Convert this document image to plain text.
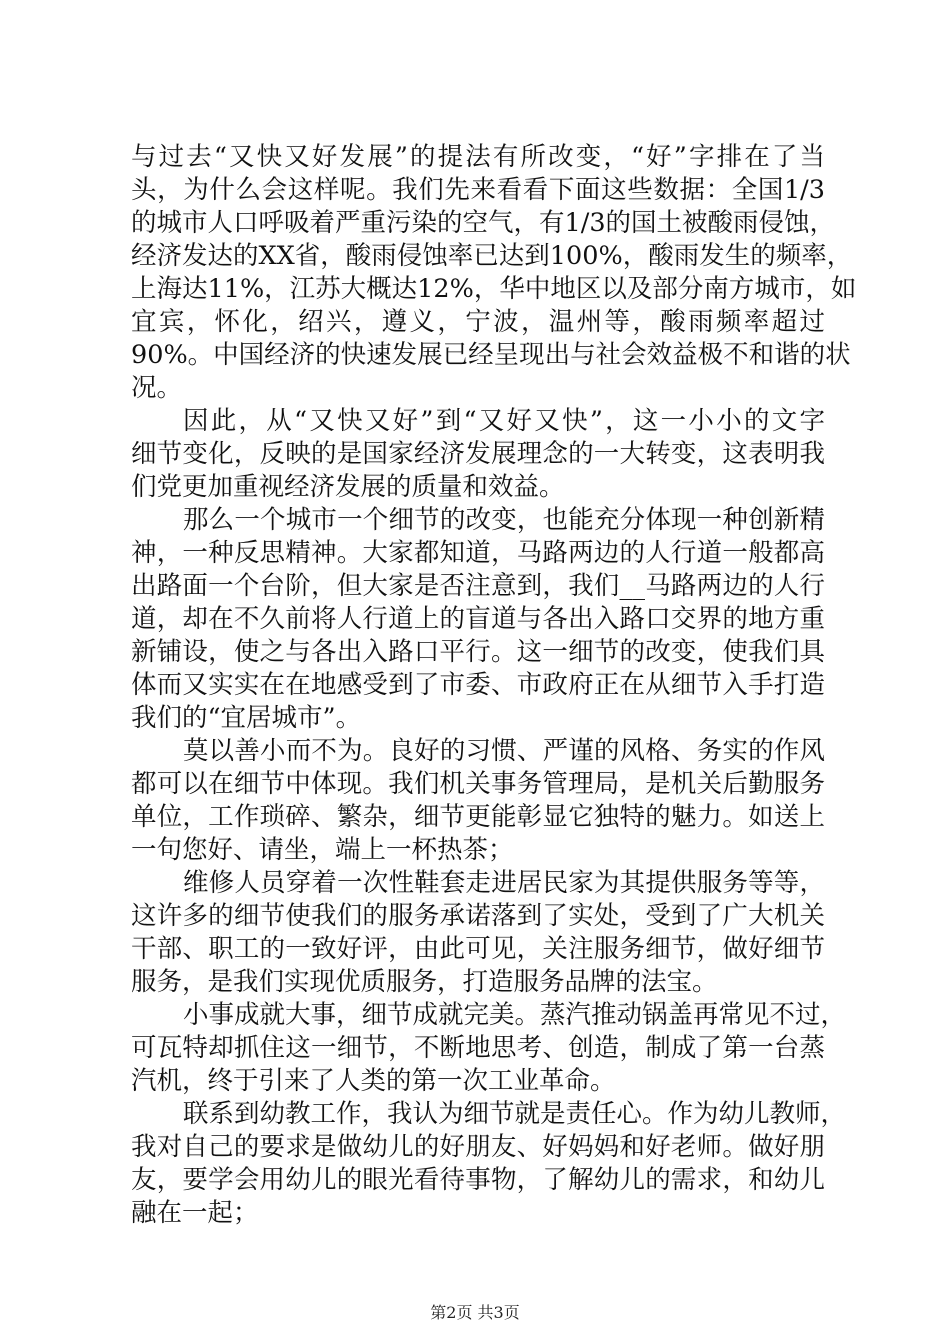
与过去“又快又好发展”的提法有所改变，“好”字排在了当
头，为什么会这样呢。我们先来看看下面这些数据：全国1/3
的城市人口呼吸着严重污染的空气，有1/3的国土被酸雨侵蚀，
经济发达的XX省，酸雨侵蚀率已达到100%，酸雨发生的频率，
上海达11%，江苏大概达12%，华中地区以及部分南方城市，如
宜宾，怀化，绍兴，遵义，宁波，温州等，酸雨频率超过
90%。中国经济的快速发展已经呈现出与社会效益极不和谐的状
况。
因此，从“又快又好”到“又好又快”，这一小小的文字
细节变化，反映的是国家经济发展理念的一大转变，这表明我
们党更加重视经济发展的质量和效益。
那么一个城市一个细节的改变，也能充分体现一种创新精
神，一种反思精神。大家都知道，马路两边的人行道一般都高
出路面一个台阶，但大家是否注意到，我们__马路两边的人行
道，却在不久前将人行道上的盲道与各出入路口交界的地方重
新铺设，使之与各出入路口平行。这一细节的改变，使我们具
体而又实实在在地感受到了市委、市政府正在从细节入手打造
我们的“宜居城市”。
莫以善小而不为。良好的习惯、严谨的风格、务实的作风
都可以在细节中体现。我们机关事务管理局，是机关后勤服务
单位，工作琐碎、繁杂，细节更能彰显它独特的魅力。如送上
一句您好、请坐，端上一杯热茶；
维修人员穿着一次性鞋套走进居民家为其提供服务等等，
这许多的细节使我们的服务承诺落到了实处，受到了广大机关
干部、职工的一致好评，由此可见，关注服务细节，做好细节
服务，是我们实现优质服务，打造服务品牌的法宝。
小事成就大事，细节成就完美。蒸汽推动锅盖再常见不过，
可瓦特却抓住这一细节，不断地思考、创造，制成了第一台蒸
汽机，终于引来了人类的第一次工业革命。
联系到幼教工作，我认为细节就是责任心。作为幼儿教师，
我对自己的要求是做幼儿的好朋友、好妈妈和好老师。做好朋
友，要学会用幼儿的眼光看待事物，了解幼儿的需求，和幼儿
融在一起；
第2页 共3页
